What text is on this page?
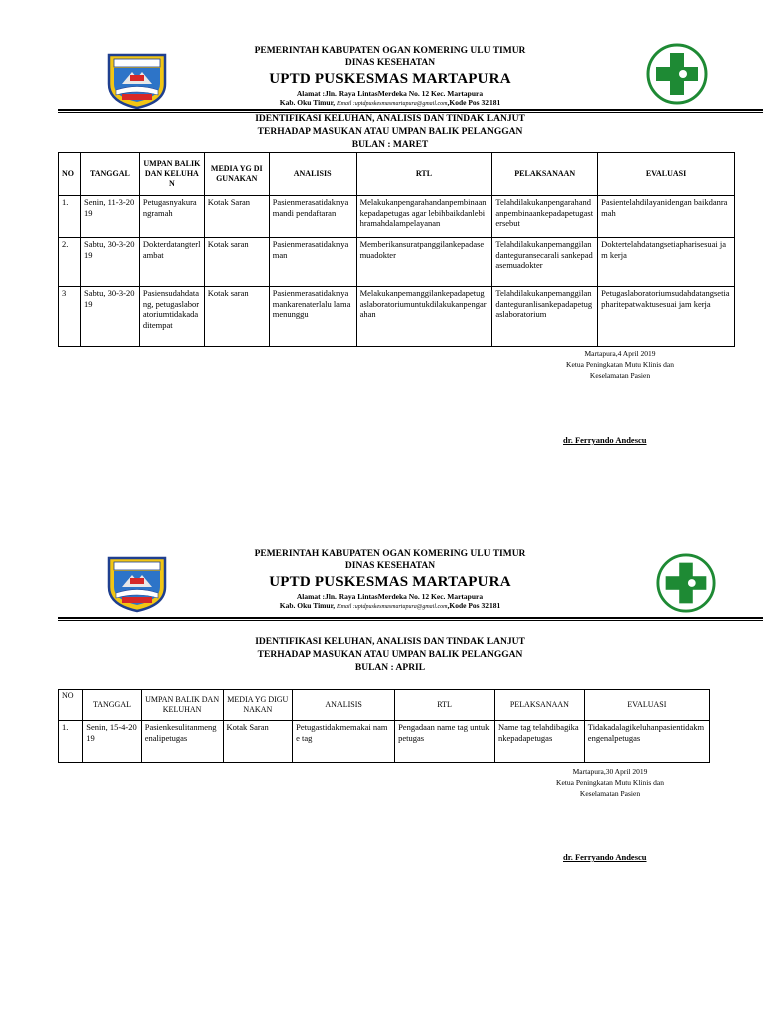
PEMERINTAH KABUPATEN OGAN KOMERING ULU TIMUR
DINAS KESEHATAN
UPTD PUSKESMAS MARTAPURA
Alamat :Jln. Raya LintasMerdeka No. 12 Kec. Martapura
Kab. Oku Timur, Email :uptdpuskesmasmartapura@gmail.com,Kode Pos 32181
IDENTIFIKASI KELUHAN, ANALISIS DAN TINDAK LANJUT
TERHADAP MASUKAN ATAU UMPAN BALIK PELANGGAN
BULAN : MARET
NO	TANGGAL	UMPAN BALIK DAN KELUHAN	MEDIA YG DIGUNAKAN	ANALISIS	RTL	PELAKSANAAN	EVALUASI
1.	Senin, 11-3-2019	Petugasnyakurangramah	Kotak Saran	Pasienmerasatidaknyamandi pendaftaran	Melakukanpengarahandanpembinaankepadapetugas agar lebihbaikdanlebihramahdalampelayanan	Telahdilakukanpengarahandanpembinaankepadapetugastersebut	Pasientelahdilayanidengan baikdanramah
2.	Sabtu, 30-3-2019	Dokterdatangterlambat	Kotak saran	Pasienmerasatidaknyaman	Memberikansuratpanggilankepadasemuadokter	Telahdilakukanpemanggilandanteguransecarali sankepadasemuadokter	Doktertelahdatangsetiapharisesuai jam kerja
3	Sabtu, 30-3-2019	Pasiensudahdatang, petugaslaboratoriumtidakadaditempat	Kotak saran	Pasienmerasatidaknyamankarenaterlalu lama menunggu	Melakukanpemanggilankepadapetugaslaboratoriumuntukdilakukanpengarahan	Telahdilakukanpemanggilandanteguranlisankepadapetugaslaboratorium	Petugaslaboratoriumsudahdatangsetiapharitepatwaktusesuai jam kerja
Martapura,4 April 2019
Ketua Peningkatan Mutu Klinis dan
Keselamatan Pasien
dr. Ferryando Andescu
PEMERINTAH KABUPATEN OGAN KOMERING ULU TIMUR
DINAS KESEHATAN
UPTD PUSKESMAS MARTAPURA
Alamat :Jln. Raya LintasMerdeka No. 12 Kec. Martapura
Kab. Oku Timur, Email :uptdpuskesmasmartapura@gmail.com,Kode Pos 32181
IDENTIFIKASI KELUHAN, ANALISIS DAN TINDAK LANJUT
TERHADAP MASUKAN ATAU UMPAN BALIK PELANGGAN
BULAN : APRIL
NO	TANGGAL	UMPAN BALIK DAN KELUHAN	MEDIA YG DIGUNAKAN	ANALISIS	RTL	PELAKSANAAN	EVALUASI
1.	Senin, 15-4-2019	Pasienkesulitanmengenalipetugas	Kotak Saran	Petugastidakmemakai name tag	Pengadaan name tag untukpetugas	Name tag telahdibagikankepadapetugas	Tidakadalagikeluhanpasientidakmengenalpetugas
Martapura,30 April 2019
Ketua Peningkatan Mutu Klinis dan
Keselamatan Pasien
dr. Ferryando Andescu
